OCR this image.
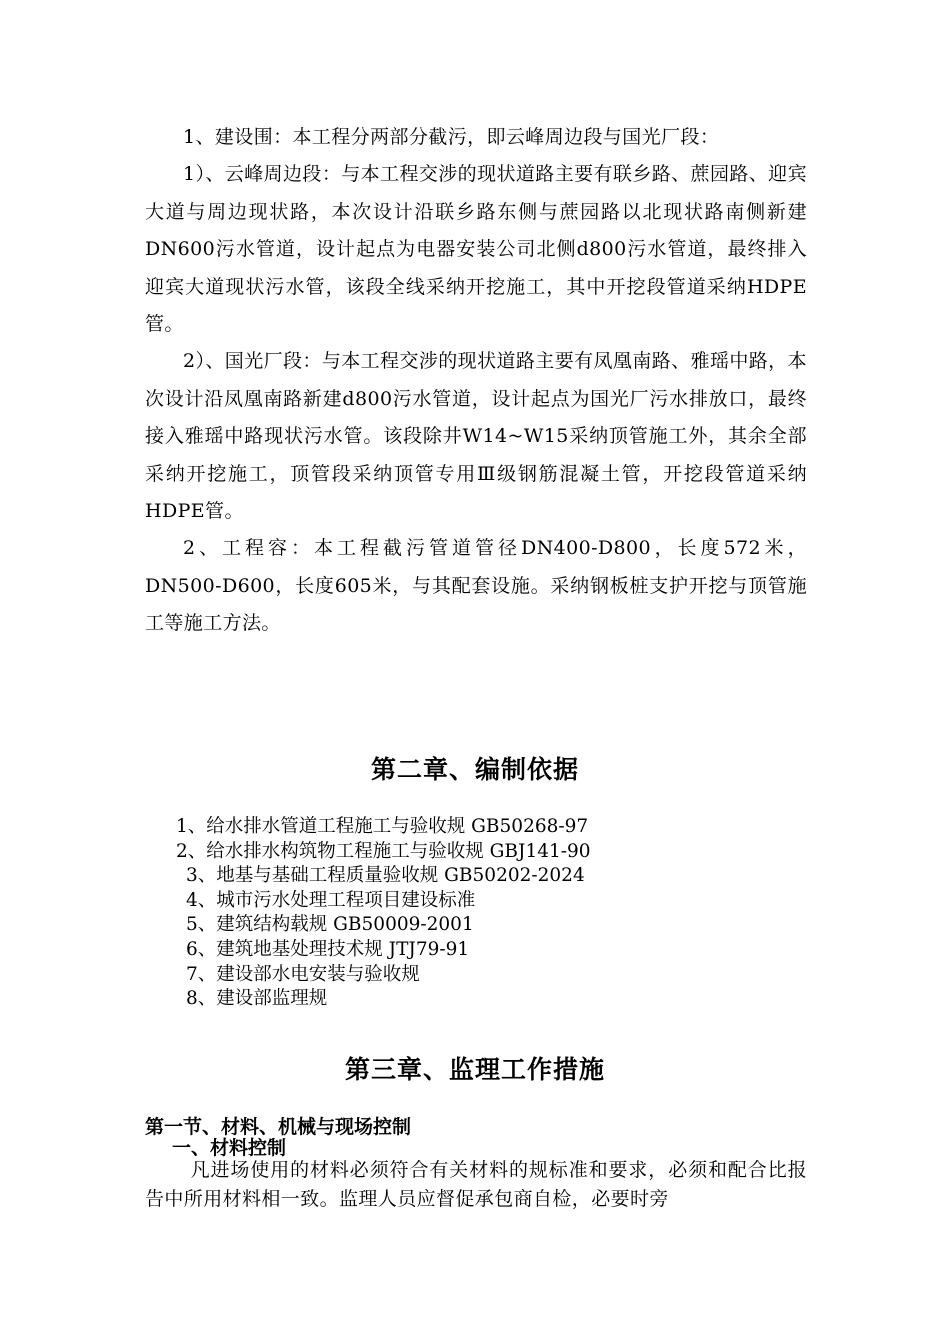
1、建设围：本工程分两部分截污，即云峰周边段与国光厂段：

1）、云峰周边段：与本工程交涉的现状道路主要有联乡路、蔗园路、迎宾大道与周边现状路，本次设计沿联乡路东侧与蔗园路以北现状路南侧新建DN600污水管道，设计起点为电器安装公司北侧d800污水管道，最终排入迎宾大道现状污水管，该段全线采纳开挖施工，其中开挖段管道采纳HDPE管。

2）、国光厂段：与本工程交涉的现状道路主要有凤凰南路、雅瑶中路，本次设计沿凤凰南路新建d800污水管道，设计起点为国光厂污水排放口，最终接入雅瑶中路现状污水管。该段除井W14~W15采纳顶管施工外，其余全部采纳开挖施工，顶管段采纳顶管专用Ⅲ级钢筋混凝土管，开挖段管道采纳HDPE管。

2、工程容：本工程截污管道管径DN400-D800，长度572米，DN500-D600，长度605米，与其配套设施。采纳钢板桩支护开挖与顶管施工等施工方法。

第二章、编制依据
1、给水排水管道工程施工与验收规 GB50268-97
2、给水排水构筑物工程施工与验收规 GBJ141-90
3、地基与基础工程质量验收规 GB50202-2024
4、城市污水处理工程项目建设标准
5、建筑结构载规 GB50009-2001
6、建筑地基处理技术规 JTJ79-91
7、建设部水电安装与验收规
8、建设部监理规
第三章、监理工作措施
第一节、材料、机械与现场控制
一、材料控制

凡进场使用的材料必须符合有关材料的规标准和要求，必须和配合比报告中所用材料相一致。监理人员应督促承包商自检，必要时旁
